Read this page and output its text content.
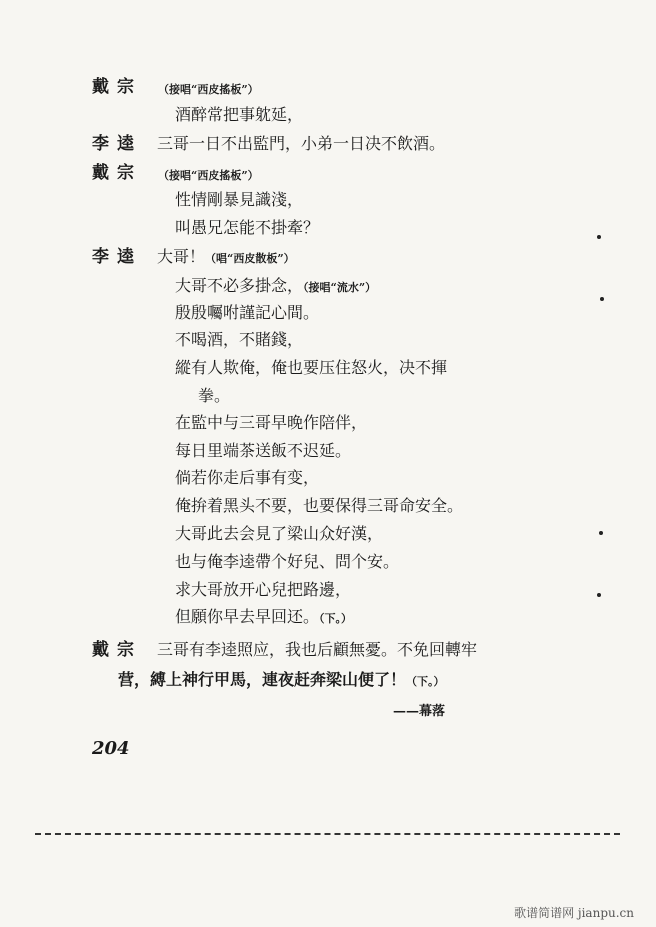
戴宗 （接唱“西皮搖板”）
酒醉常把事躭延，
李逵 三哥一日不出監門，小弟一日决不飲酒。
戴宗 （接唱“西皮搖板”）
性情剛暴見識淺，
叫愚兄怎能不掛牽？
李逵 大哥！（唱“西皮散板”）
大哥不必多掛念，（接唱“流水”）
殷殷囑咐謹記心間。
不喝酒，不賭錢，
縱有人欺俺，俺也要压住怒火，决不揮
拳。
在監中与三哥早晚作陪伴，
每日里端茶送飯不迟延。
倘若你走后事有变，
俺拚着黑头不要，也要保得三哥命安全。
大哥此去会見了梁山众好漢，
也与俺李逵帶个好兒、問个安。
求大哥放开心兒把路邊，
但願你早去早回还。（下。）
戴宗 三哥有李逵照应，我也后顧無憂。不免回轉牢
营，縛上神行甲馬，連夜赶奔梁山便了！（下。）
——幕落
204
歌谱简谱网 jianpu.cn
